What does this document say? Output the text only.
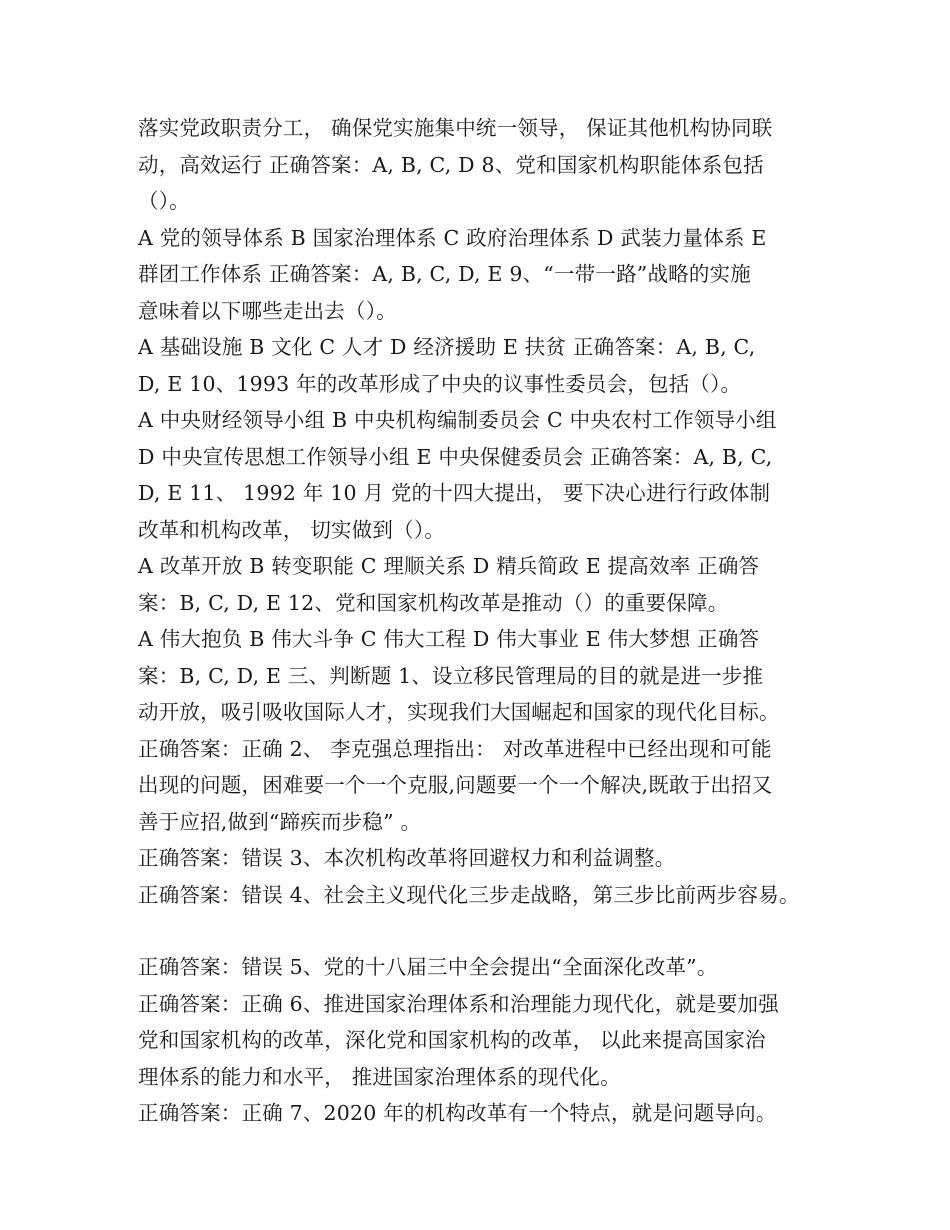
落实党政职责分工， 确保党实施集中统一领导， 保证其他机构协同联
动，高效运行 正确答案：A, B, C, D 8、党和国家机构职能体系包括
（）。
A 党的领导体系 B 国家治理体系 C 政府治理体系 D 武装力量体系 E
群团工作体系 正确答案：A, B, C, D, E 9、“一带一路”战略的实施
意味着以下哪些走出去（）。
A 基础设施 B 文化 C 人才 D 经济援助 E 扶贫 正确答案：A, B, C,
D, E 10、1993 年的改革形成了中央的议事性委员会，包括（）。
A 中央财经领导小组 B 中央机构编制委员会 C 中央农村工作领导小组
D 中央宣传思想工作领导小组 E 中央保健委员会 正确答案：A, B, C,
D, E 11、 1992 年 10 月 党的十四大提出， 要下决心进行行政体制
改革和机构改革， 切实做到（）。
A 改革开放 B 转变职能 C 理顺关系 D 精兵简政 E 提高效率 正确答
案：B, C, D, E 12、党和国家机构改革是推动（）的重要保障。
A 伟大抱负 B 伟大斗争 C 伟大工程 D 伟大事业 E 伟大梦想 正确答
案：B, C, D, E 三、判断题 1、设立移民管理局的目的就是进一步推
动开放，吸引吸收国际人才，实现我们大国崛起和国家的现代化目标。
正确答案：正确 2、 李克强总理指出： 对改革进程中已经出现和可能
出现的问题，困难要一个一个克服,问题要一个一个解决,既敢于出招又
善于应招,做到“蹄疾而步稳” 。
正确答案：错误 3、本次机构改革将回避权力和利益调整。
正确答案：错误 4、社会主义现代化三步走战略，第三步比前两步容易。
正确答案：错误 5、党的十八届三中全会提出“全面深化改革”。
正确答案：正确 6、推进国家治理体系和治理能力现代化，就是要加强
党和国家机构的改革，深化党和国家机构的改革， 以此来提高国家治
理体系的能力和水平， 推进国家治理体系的现代化。
正确答案：正确 7、2020 年的机构改革有一个特点，就是问题导向。
